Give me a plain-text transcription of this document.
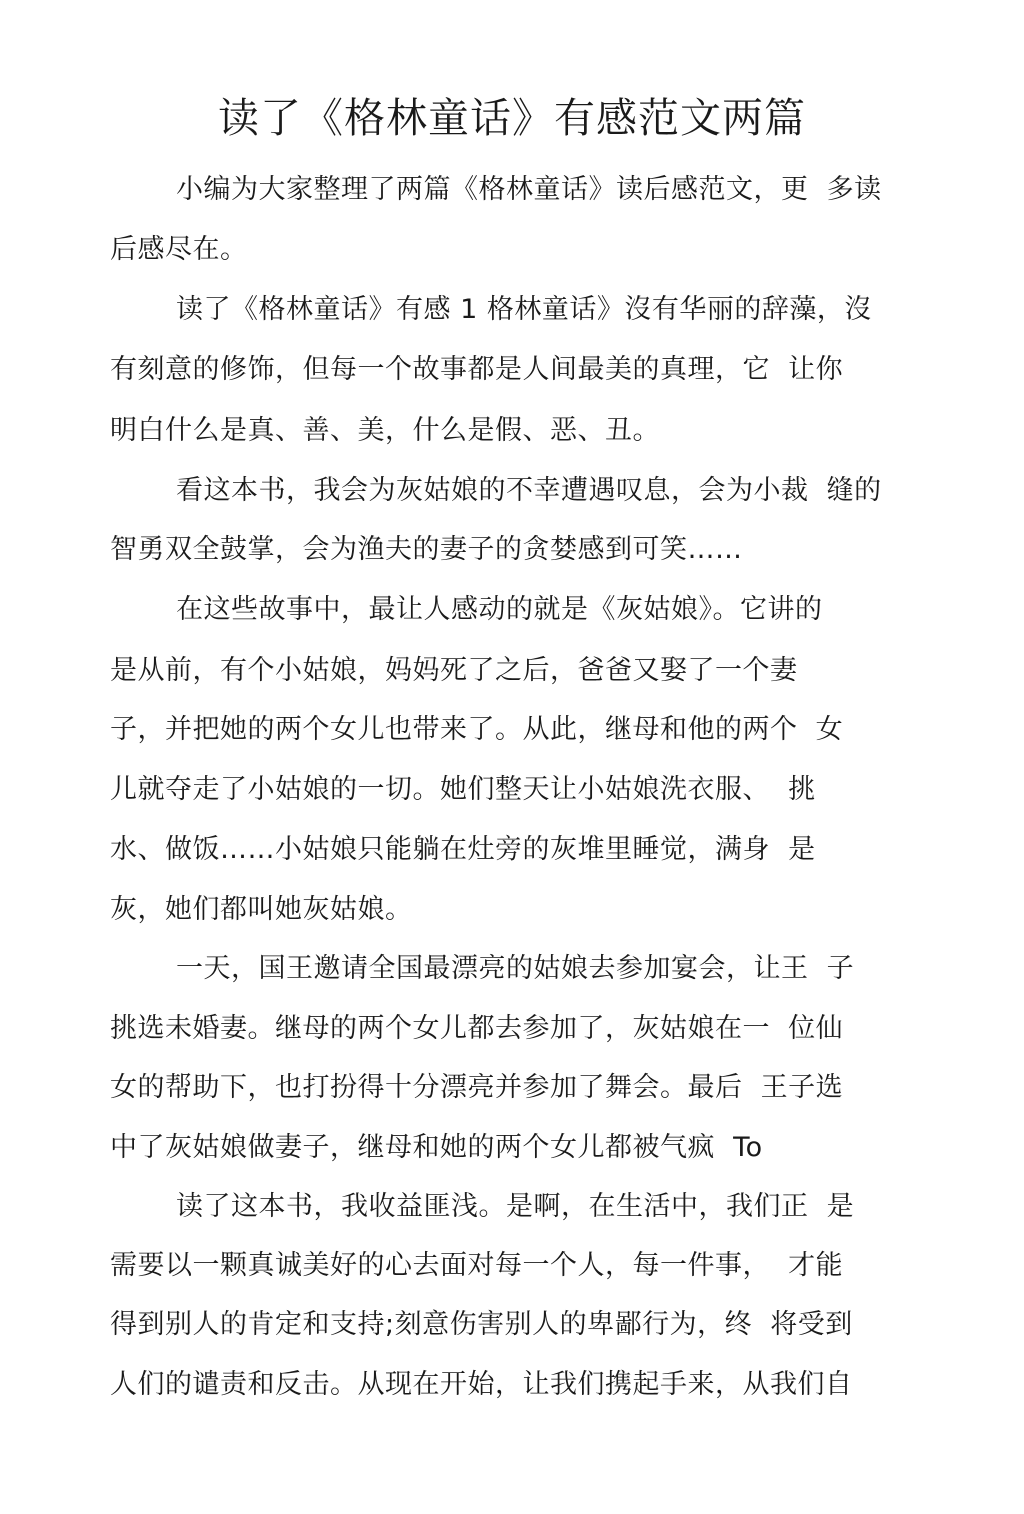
读了《格林童话》有感范文两篇
小编为大家整理了两篇《格林童话》读后感范文，更  多读
后感尽在。
读了《格林童话》有感 1 格林童话》沒有华丽的辞藻，沒
有刻意的修饰，但每一个故事都是人间最美的真理，它  让你
明白什么是真、善、美，什么是假、恶、丑。
看这本书，我会为灰姑娘的不幸遭遇叹息，会为小裁  缝的
智勇双全鼓掌，会为渔夫的妻子的贪婪感到可笑……
在这些故事中，最让人感动的就是《灰姑娘》。它讲的
是从前，有个小姑娘，妈妈死了之后，爸爸又娶了一个妻
子，并把她的两个女儿也带来了。从此，继母和他的两个  女
儿就夺走了小姑娘的一切。她们整天让小姑娘洗衣服、  挑
水、做饭……小姑娘只能躺在灶旁的灰堆里睡觉，满身  是
灰，她们都叫她灰姑娘。
一天，国王邀请全国最漂亮的姑娘去参加宴会，让王  子
挑选未婚妻。继母的两个女儿都去参加了，灰姑娘在一  位仙
女的帮助下，也打扮得十分漂亮并参加了舞会。最后  王子选
中了灰姑娘做妻子，继母和她的两个女儿都被气疯  To
读了这本书，我收益匪浅。是啊，在生活中，我们正  是
需要以一颗真诚美好的心去面对每一个人，每一件事，  才能
得到别人的肯定和支持;刻意伤害别人的卑鄙行为，终  将受到
人们的谴责和反击。从现在开始，让我们携起手来，从我们自
